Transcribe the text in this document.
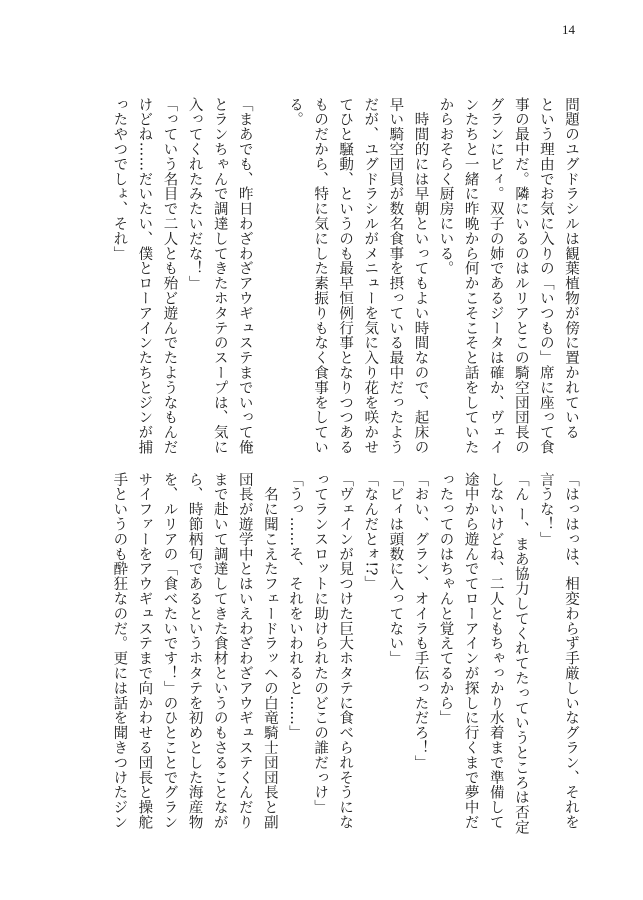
14
問題のユグドラシルは観葉植物が傍に置かれている
という理由でお気に入りの「いつもの」席に座って食
事の最中だ。隣にいるのはルリアとこの騎空団団長の
グランにビィ。双子の姉であるジータは確か、ヴェイ
ンたちと一緒に昨晩から何かこそこそと話をしていた
からおそらく厨房にいる。
　時間的には早朝といってもよい時間なので、起床の
早い騎空団員が数名食事を摂っている最中だったよう
だが、ユグドラシルがメニューを気に入り花を咲かせ
てひと騒動、というのも最早恒例行事となりつつある
ものだから、特に気にした素振りもなく食事をしてい
る。

「まあでも、昨日わざわざアウギュステまでいって俺
とランちゃんで調達してきたホタテのスープは、気に
入ってくれたみたいだな！」
「っていう名目で二人とも殆ど遊んでたようなもんだ
けどね……だいたい、僕とローアインたちとジンが捕
ったやつでしょ、それ」
「はっはっは、相変わらず手厳しいなグラン、それを
言うな！」
「ん ー、まあ協力してくれてたっていうところは否定
しないけどね、二人ともちゃっかり水着まで準備して
途中から遊んでてローアインが探しに行くまで夢中だ
ったってのはちゃんと覚えてるから」
「おい、グラン、オイラも手伝っただろ！」
「ビィは頭数に入ってない」
「なんだとォ!?」
「ヴェインが見つけた巨大ホタテに食べられそうにな
ってランスロットに助けられたのどこの誰だっけ」
「うっ……そ、それをいわれると……」
　名に聞こえたフェードラッヘの白竜騎士団団長と副
団長が遊学中とはいえわざわざアウギュステくんだり
まで赴いて調達してきた食材というのもさることなが
ら、時節柄旬であるというホタテを初めとした海産物
を、ルリアの「食べたいです！」のひとことでグラン
サイファーをアウギュステまで向かわせる団長と操舵
手というのも酔狂なのだ。更には話を聞きつけたジン
